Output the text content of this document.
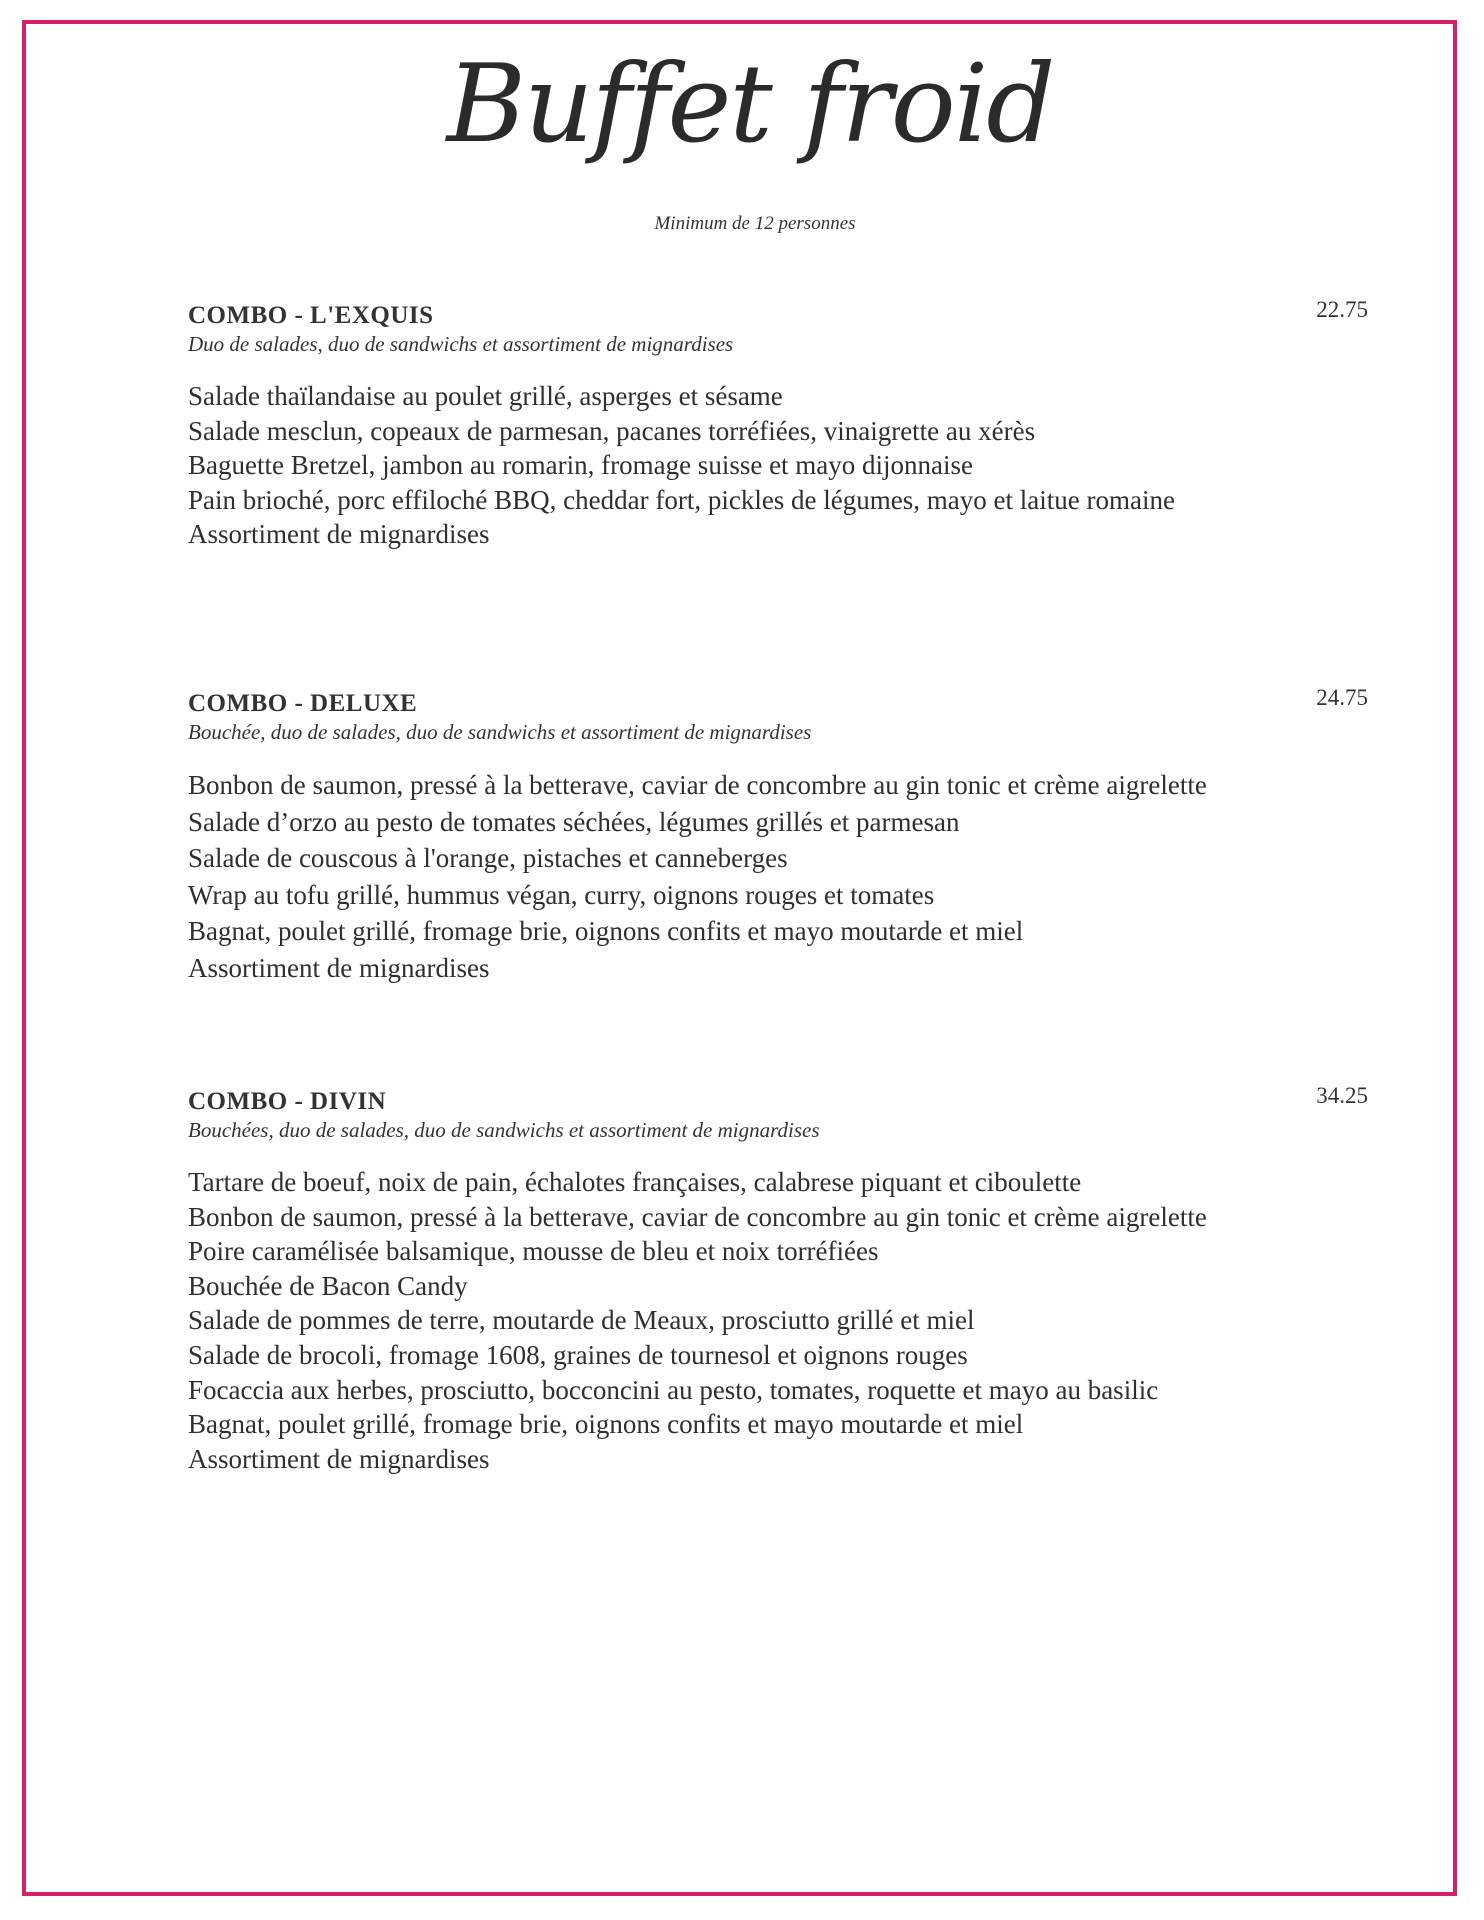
Buffet froid
Minimum de 12 personnes
COMBO - L'EXQUIS	22.75
Duo de salades, duo de sandwichs et assortiment de mignardises
Salade thaïlandaise au poulet grillé, asperges et sésame
Salade mesclun, copeaux de parmesan, pacanes torréfiées, vinaigrette au xérès
Baguette Bretzel, jambon au romarin, fromage suisse et mayo dijonnaise
Pain brioché, porc effiloché BBQ, cheddar fort, pickles de légumes, mayo et laitue romaine
Assortiment de mignardises
COMBO - DELUXE	24.75
Bouchée, duo de salades, duo de sandwichs et assortiment de mignardises
Bonbon de saumon, pressé à la betterave, caviar de concombre au gin tonic et crème aigrelette
Salade d’orzo au pesto de tomates séchées, légumes grillés et parmesan
Salade de couscous à l'orange, pistaches et canneberges
Wrap au tofu grillé, hummus végan, curry, oignons rouges et tomates
Bagnat, poulet grillé, fromage brie, oignons confits et mayo moutarde et miel
Assortiment de mignardises
COMBO - DIVIN	34.25
Bouchées, duo de salades, duo de sandwichs et assortiment de mignardises
Tartare de boeuf, noix de pain, échalotes françaises, calabrese piquant et ciboulette
Bonbon de saumon, pressé à la betterave, caviar de concombre au gin tonic et crème aigrelette
Poire caramélisée balsamique, mousse de bleu et noix torréfiées
Bouchée de Bacon Candy
Salade de pommes de terre, moutarde de Meaux, prosciutto grillé et miel
Salade de brocoli, fromage 1608, graines de tournesol et oignons rouges
Focaccia aux herbes, prosciutto, bocconcini au pesto, tomates, roquette et mayo au basilic
Bagnat, poulet grillé, fromage brie, oignons confits et mayo moutarde et miel
Assortiment de mignardises
